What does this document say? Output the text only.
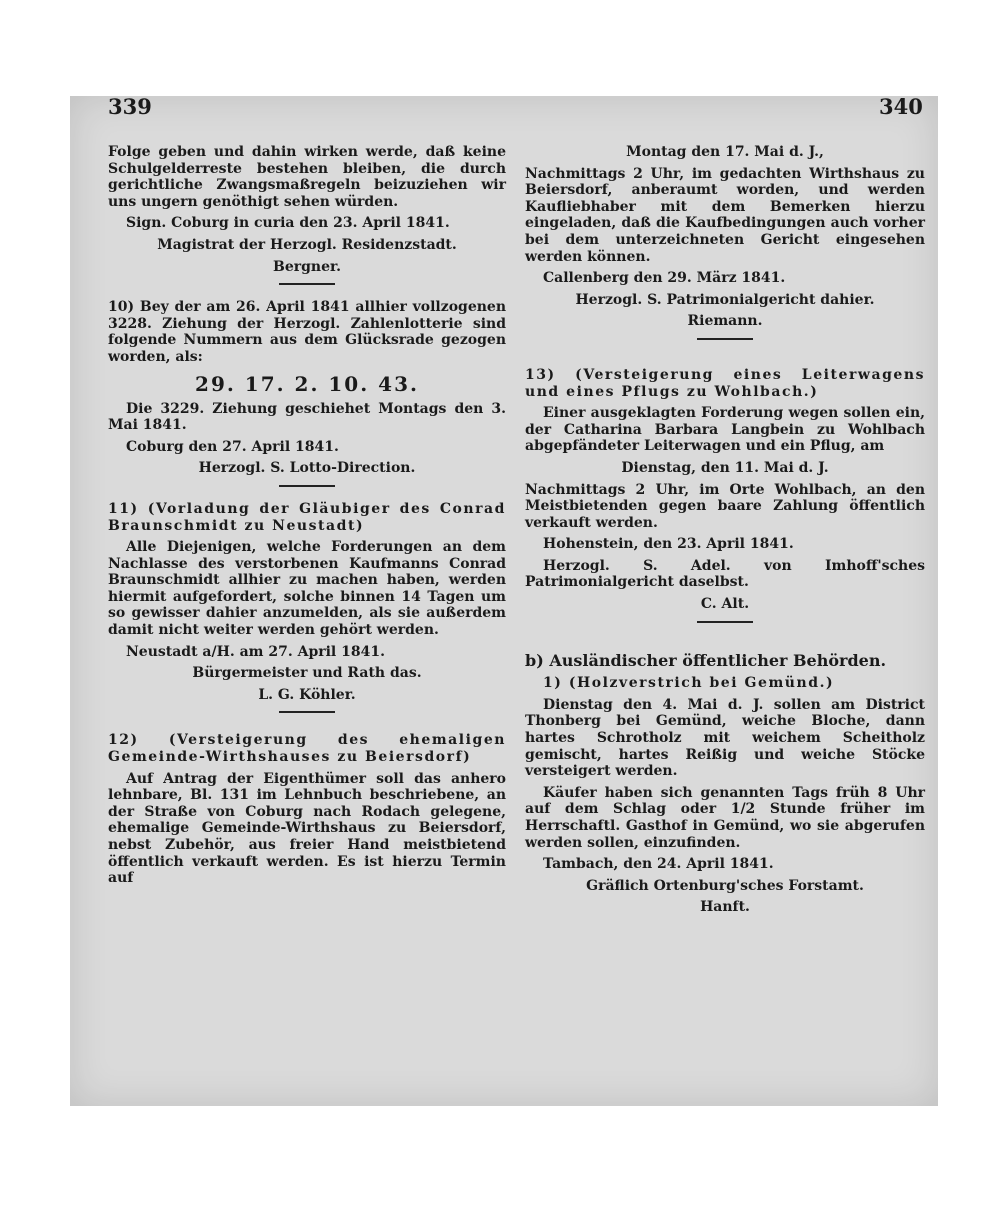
339	340

Folge geben und dahin wirken werde, daß keine Schulgelderreste bestehen bleiben, die durch gerichtliche Zwangsmaßregeln beizuziehen wir uns ungern genöthigt sehen würden.

Sign. Coburg in curia den 23. April 1841.

Magistrat der Herzogl. Residenzstadt.

Bergner.

10) Bey der am 26. April 1841 allhier vollzogenen 3228. Ziehung der Herzogl. Zahlenlotterie sind folgende Nummern aus dem Glücksrade gezogen worden, als:

29. 17. 2. 10. 43.

Die 3229. Ziehung geschiehet Montags den 3. Mai 1841.

Coburg den 27. April 1841.

Herzogl. S. Lotto-Direction.

11) (Vorladung der Gläubiger des Conrad Braunschmidt zu Neustadt)

Alle Diejenigen, welche Forderungen an dem Nachlasse des verstorbenen Kaufmanns Conrad Braunschmidt allhier zu machen haben, werden hiermit aufgefordert, solche binnen 14 Tagen um so gewisser dahier anzumelden, als sie außerdem damit nicht weiter werden gehört werden.

Neustadt a/H. am 27. April 1841.

Bürgermeister und Rath das.

L. G. Köhler.

12) (Versteigerung des ehemaligen Gemeinde-Wirthshauses zu Beiersdorf)

Auf Antrag der Eigenthümer soll das anhero lehnbare, Bl. 131 im Lehnbuch beschriebene, an der Straße von Coburg nach Rodach gelegene, ehemalige Gemeinde-Wirthshaus zu Beiersdorf, nebst Zubehör, aus freier Hand meistbietend öffentlich verkauft werden. Es ist hierzu Termin auf

Montag den 17. Mai d. J.,

Nachmittags 2 Uhr, im gedachten Wirthshaus zu Beiersdorf, anberaumt worden, und werden Kaufliebhaber mit dem Bemerken hierzu eingeladen, daß die Kaufbedingungen auch vorher bei dem unterzeichneten Gericht eingesehen werden können.

Callenberg den 29. März 1841.

Herzogl. S. Patrimonialgericht dahier.

Riemann.

13) (Versteigerung eines Leiterwagens und eines Pflugs zu Wohlbach.)

Einer ausgeklagten Forderung wegen sollen ein, der Catharina Barbara Langbein zu Wohlbach abgepfändeter Leiterwagen und ein Pflug, am

Dienstag, den 11. Mai d. J.

Nachmittags 2 Uhr, im Orte Wohlbach, an den Meistbietenden gegen baare Zahlung öffentlich verkauft werden.

Hohenstein, den 23. April 1841.

Herzogl. S. Adel. von Imhoff'sches Patrimonialgericht daselbst.

C. Alt.

b) Ausländischer öffentlicher Behörden.

1) (Holzverstrich bei Gemünd.)

Dienstag den 4. Mai d. J. sollen am District Thonberg bei Gemünd, weiche Bloche, dann hartes Schrotholz mit weichem Scheitholz gemischt, hartes Reißig und weiche Stöcke versteigert werden.

Käufer haben sich genannten Tags früh 8 Uhr auf dem Schlag oder 1/2 Stunde früher im Herrschaftl. Gasthof in Gemünd, wo sie abgerufen werden sollen, einzufinden.

Tambach, den 24. April 1841.

Gräflich Ortenburg'sches Forstamt.

Hanft.
